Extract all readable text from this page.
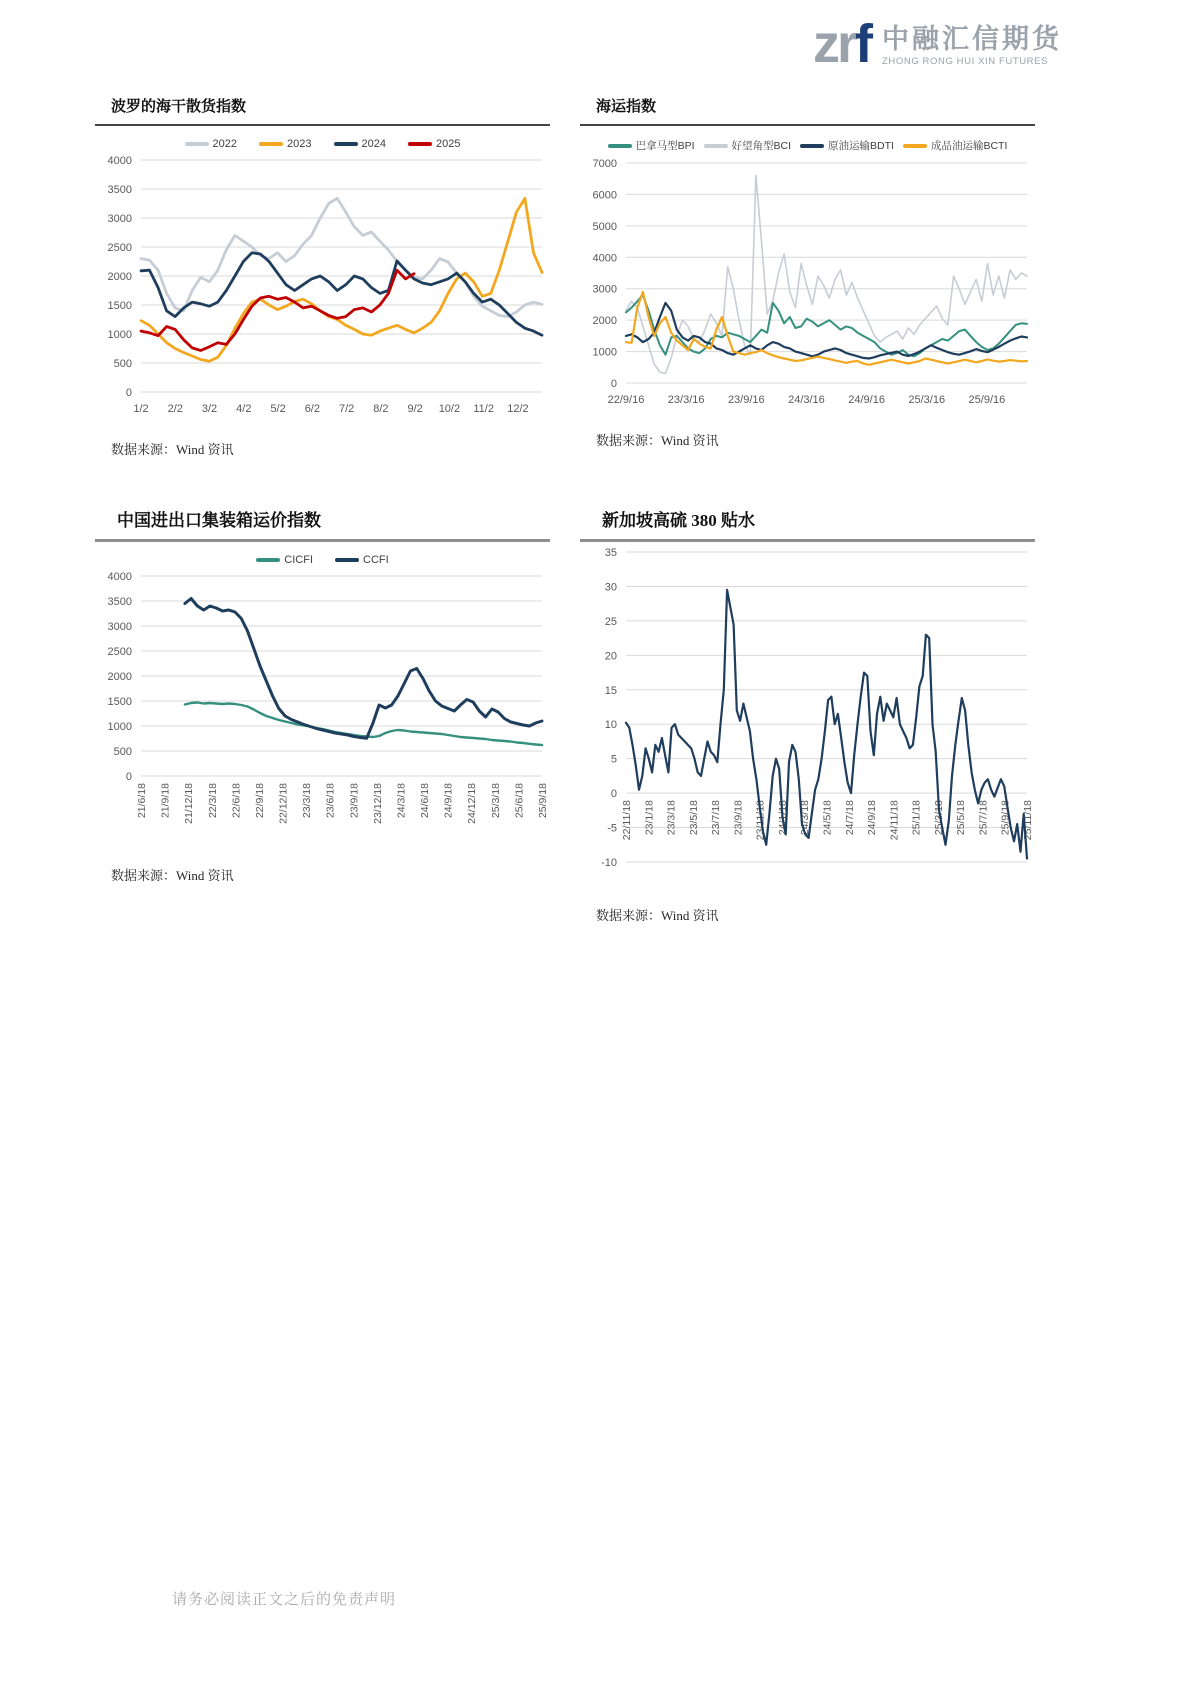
zrf 中融汇信期货
ZHONG RONG HUI XIN FUTURES
波罗的海干散货指数
2022	2023	2024	2025
0
500
1000
1500
2000
2500
3000
3500
4000
1/2 2/2 3/2 4/2 5/2 6/2 7/2 8/2 9/2 10/2 11/2 12/2

数据来源：Wind 资讯

海运指数
巴拿马型BPI	好望角型BCI	原油运输BDTI	成品油运输BCTI
0
1000
2000
3000
4000
5000
6000
7000
22/9/16 23/3/16 23/9/16 24/3/16 24/9/16 25/3/16 25/9/16

数据来源：Wind 资讯

中国进出口集装箱运价指数
CICFI	CCFI
0
500
1000
1500
2000
2500
3000
3500
4000
21/6/18 21/9/18 21/12/18 22/3/18 22/6/18 22/9/18 22/12/18 23/3/18 23/6/18 23/9/18 23/12/18 24/3/18 24/6/18 24/9/18 24/12/18 25/3/18 25/6/18 25/9/18

数据来源：Wind 资讯

新加坡高硫 380 贴水
-10
-5
0
5
10
15
20
25
30
35
22/11/18 23/1/18 23/3/18 23/5/18 23/7/18 23/9/18 23/11/18 24/1/18 24/3/18 24/5/18 24/7/18 24/9/18 24/11/18 25/1/18 25/3/18 25/5/18 25/7/18 25/9/18 25/11/18

数据来源：Wind 资讯

请务必阅读正文之后的免责声明
